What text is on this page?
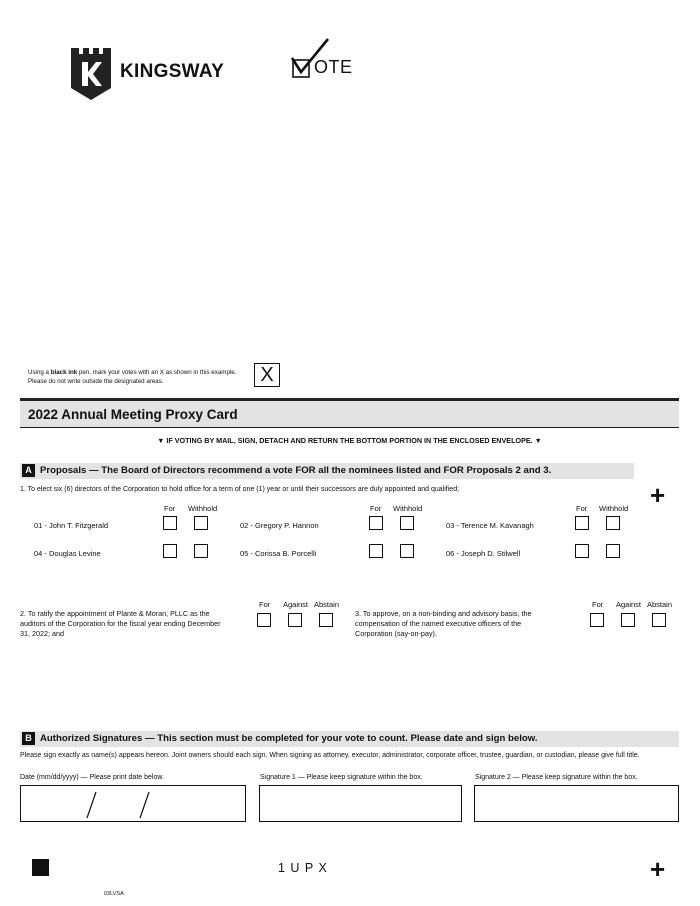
KINGSWAY	OTE
Using a black ink pen, mark your votes with an X as shown in this example.
Please do not write outside the designated areas.	X
2022 Annual Meeting Proxy Card
▼ IF VOTING BY MAIL, SIGN, DETACH AND RETURN THE BOTTOM PORTION IN THE ENCLOSED ENVELOPE. ▼
A Proposals — The Board of Directors recommend a vote FOR all the nominees listed and FOR Proposals 2 and 3.
+
1. To elect six (6) directors of the Corporation to hold office for a term of one (1) year or until their successors are duly appointed and qualified;
For Withhold	For Withhold	For Withhold
01 - John T. Fitzgerald	02 - Gregory P. Hannon	03 - Terence M. Kavanagh
04 - Douglas Levine	05 - Corissa B. Porcelli	06 - Joseph D. Stilwell
2. To ratify the appointment of Plante & Moran, PLLC as the auditors of the Corporation for the fiscal year ending December 31, 2022; and
For Against Abstain
3. To approve, on a non-binding and advisory basis, the compensation of the named executive officers of the Corporation (say-on-pay).
For Against Abstain
B Authorized Signatures — This section must be completed for your vote to count. Please date and sign below.
Please sign exactly as name(s) appears hereon. Joint owners should each sign. When signing as attorney, executor, administrator, corporate officer, trustee, guardian, or custodian, please give full title.
Date (mm/dd/yyyy) — Please print date below.	Signature 1 — Please keep signature within the box.	Signature 2 — Please keep signature within the box.
1 U P X	+
03LVSA
